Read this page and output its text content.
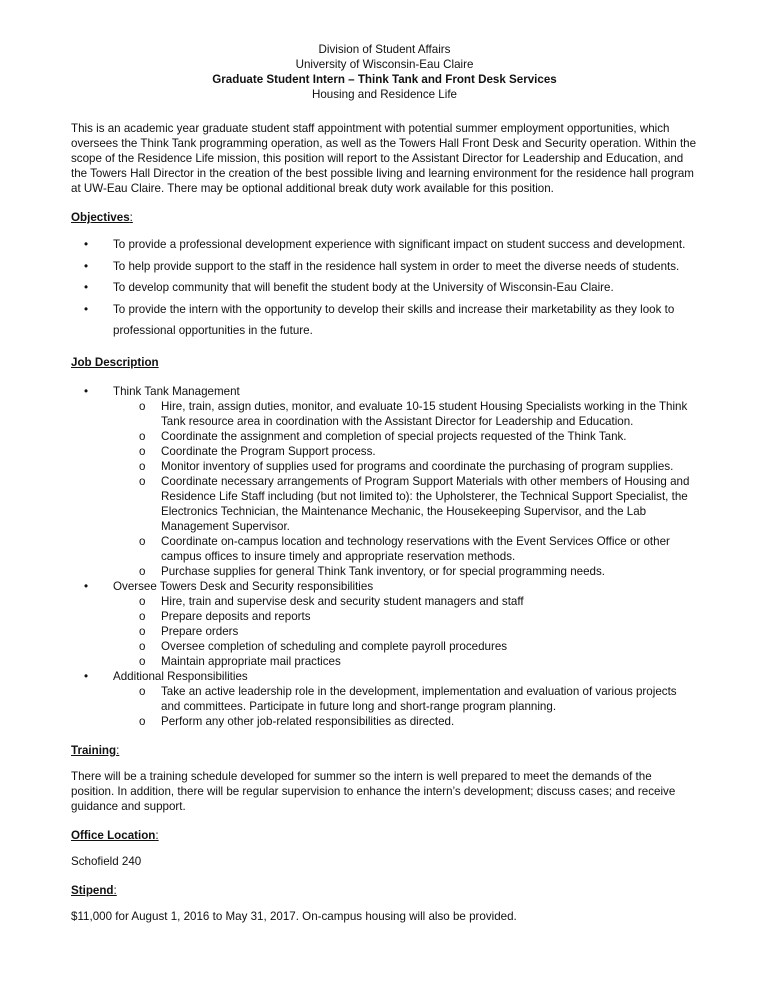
Division of Student Affairs
University of Wisconsin-Eau Claire
Graduate Student Intern – Think Tank and Front Desk Services
Housing and Residence Life

This is an academic year graduate student staff appointment with potential summer employment opportunities, which oversees the Think Tank programming operation, as well as the Towers Hall Front Desk and Security operation. Within the scope of the Residence Life mission, this position will report to the Assistant Director for Leadership and Education, and the Towers Hall Director in the creation of the best possible living and learning environment for the residence hall program at UW-Eau Claire. There may be optional additional break duty work available for this position.

Objectives:
• To provide a professional development experience with significant impact on student success and development.
• To help provide support to the staff in the residence hall system in order to meet the diverse needs of students.
• To develop community that will benefit the student body at the University of Wisconsin-Eau Claire.
• To provide the intern with the opportunity to develop their skills and increase their marketability as they look to professional opportunities in the future.
Job Description
• Think Tank Management
o Hire, train, assign duties, monitor, and evaluate 10-15 student Housing Specialists working in the Think Tank resource area in coordination with the Assistant Director for Leadership and Education.
o Coordinate the assignment and completion of special projects requested of the Think Tank.
o Coordinate the Program Support process.
o Monitor inventory of supplies used for programs and coordinate the purchasing of program supplies.
o Coordinate necessary arrangements of Program Support Materials with other members of Housing and Residence Life Staff including (but not limited to): the Upholsterer, the Technical Support Specialist, the Electronics Technician, the Maintenance Mechanic, the Housekeeping Supervisor, and the Lab Management Supervisor.
o Coordinate on-campus location and technology reservations with the Event Services Office or other campus offices to insure timely and appropriate reservation methods.
o Purchase supplies for general Think Tank inventory, or for special programming needs.
• Oversee Towers Desk and Security responsibilities
o Hire, train and supervise desk and security student managers and staff
o Prepare deposits and reports
o Prepare orders
o Oversee completion of scheduling and complete payroll procedures
o Maintain appropriate mail practices
• Additional Responsibilities
o Take an active leadership role in the development, implementation and evaluation of various projects and committees. Participate in future long and short-range program planning.
o Perform any other job-related responsibilities as directed.
Training:

There will be a training schedule developed for summer so the intern is well prepared to meet the demands of the position. In addition, there will be regular supervision to enhance the intern’s development; discuss cases; and receive guidance and support.

Office Location:

Schofield 240

Stipend:

$11,000 for August 1, 2016 to May 31, 2017. On-campus housing will also be provided.
